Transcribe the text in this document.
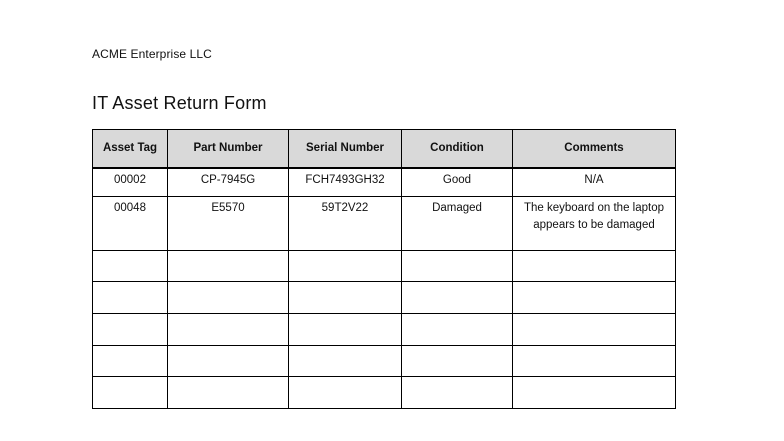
ACME Enterprise LLC
IT Asset Return Form
Asset Tag	Part Number	Serial Number	Condition	Comments
00002	CP-7945G	FCH7493GH32	Good	N/A
00048	E5570	59T2V22	Damaged	The keyboard on the laptop appears to be damaged
